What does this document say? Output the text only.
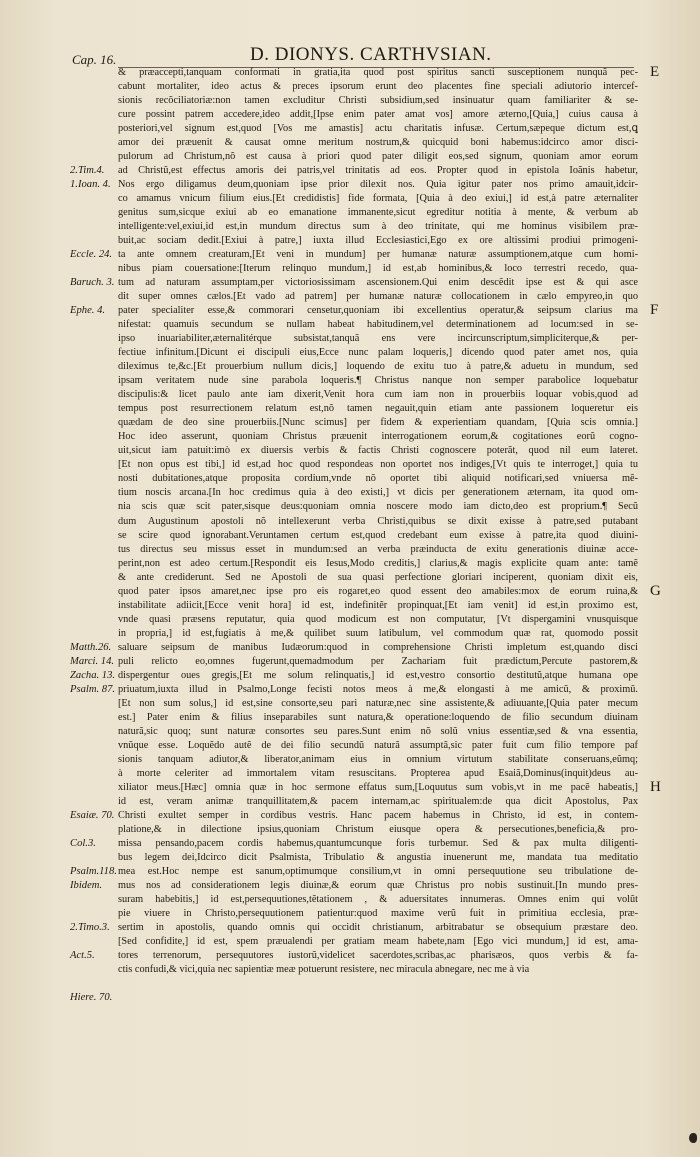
Cap. 16.	D. DIONYS. CARTHVSIAN.
& præaccepti,tanquam conformati in gratia,ita quod post spiritus sancti susceptionem nunquã pec-
cabunt mortaliter, ideo actus & preces ipsorum erunt deo placentes fine speciali adiutorio intercef-
sionis recõciliatoriæ:non tamen excluditur Christi subsidium,sed insinuatur quam familiariter & se-
cure possint patrem accedere,ideo addit,[Ipse enim pater amat vos] amore æterno,[Quia,] cuius causa à
posteriori,vel signum est,quod [Vos me amastis] actu charitatis infusæ. Certum,sæpeque dictum est,ꝗ
amor dei præuenit & causat omne meritum nostrum,& quicquid boni habemus:idcirco amor disci-
pulorum ad Christum,nõ est causa à priori quod pater diligit eos,sed signum, quoniam amor eorum
ad Christũ,est effectus amoris dei patris,vel trinitatis ad eos. Propter quod in epistola Ioãnis habetur,
Nos ergo diligamus deum,quoniam ipse prior dilexit nos. Quia igitur pater nos primo amauit,idcir-
co amamus vnicum filium eius.[Et credidistis] fide formata, [Quia à deo exiui,] id est,à patre æternaliter
genitus sum,sicque exiui ab eo emanatione immanente,sicut egreditur notitia à mente, & verbum ab
intelligente:vel,exiui,id est,in mundum directus sum à deo trinitate, qui me hominus visibilem præ-
buit,ac sociam dedit.[Exiui à patre,] iuxta illud Ecclesiastici,Ego ex ore altissimi prodiui primogeni-
ta ante omnem creaturam,[Et veni in mundum] per humanæ naturæ assumptionem,atque cum homi-
nibus piam couersatione:[Iterum relinquo mundum,] id est,ab hominibus,& loco terrestri recedo, qua-
tum ad naturam assumptam,per victoriosissimam ascensionem.Qui enim descẽdit ipse est & qui asce
dit super omnes cælos.[Et vado ad patrem] per humanæ naturæ collocationem in cælo empyreo,in quo
pater specialiter esse,& commorari censetur,quoniam ibi excellentius operatur,& seipsum clarius ma
nifestat: quamuis secundum se nullam habeat habitudinem,vel determinationem ad locum:sed in se-
ipso inuariabiliter,æternalitérque subsistat,tanquã ens vere incircunscriptum,simpliciterque,& per-
fectiue infinitum.[Dicunt ei discipuli eius,Ecce nunc palam loqueris,] dicendo quod pater amet nos, quia
dileximus te,&c.[Et prouerbium nullum dicis,] loquendo de exitu tuo à patre,& aduetu in mundum, sed
ipsam veritatem nude sine parabola loqueris.¶ Christus nanque non semper parabolice loquebatur
discipulis:& licet paulo ante iam dixerit,Venit hora cum iam non in prouerbiis loquar vobis,quod ad
tempus post resurrectionem relatum est,nõ tamen negauit,quin etiam ante passionem loqueretur eis
quædam de deo sine prouerbiis.[Nunc scimus] per fidem & experientiam quandam, [Quia scis omnia.]
Hoc ideo asserunt, quoniam Christus præuenit interrogationem eorum,& cogitationes eorũ cogno-
uit,sicut iam patuit:imò ex diuersis verbis & factis Christi cognoscere poterãt, quod nil eum lateret.
[Et non opus est tibi,] id est,ad hoc quod respondeas non oportet nos indiges,[Vt quis te interroget,] quia tu
nosti dubitationes,atque proposita cordium,vnde nõ oportet tibi aliquid notificari,sed vniuersa mẽ-
tium noscis arcana.[In hoc credimus quia à deo existi,] vt dicis per generationem æternam, ita quod om-
nia scis quæ scit pater,sisque deus:quoniam omnia noscere modo iam dicto,deo est proprium.¶ Secũ
dum Augustinum apostoli nõ intellexerunt verba Christi,quibus se dixit exisse à patre,sed putabant
se scire quod ignorabant.Veruntamen certum est,quod credebant eum exisse à patre,ita quod diuini-
tus directus seu missus esset in mundum:sed an verba præinducta de exitu generationis diuinæ acce-
perint,non est adeo certum.[Respondit eis Iesus,Modo creditis,] clarius,& magis explicite quam ante: tamẽ
& ante crediderunt. Sed ne Apostoli de sua quasi perfectione gloriari inciperent, quoniam dixit eis,
quod pater ipsos amaret,nec ipse pro eis rogaret,eo quod essent deo amabiles:mox de eorum ruina,&
instabilitate adiicit,[Ecce venit hora] id est, indefinitẽr propinquat,[Et iam venit] id est,in proximo est,
vnde quasi præsens reputatur, quia quod modicum est non computatur, [Vt dispergamini vnusquisque
in propria,] id est,fugiatis à me,& quilibet suum latibulum, vel commodum quæ rat, quomodo possit
saluare seipsum de manibus Iudæorum:quod in comprehensione Christi impletum est,quando disci
puli relicto eo,omnes fugerunt,quemadmodum per Zachariam fuit prædictum,Percute pastorem,&
dispergentur oues gregis,[Et me solum relinquatis,] id est,vestro consortio destitutũ,atque humana ope
priuatum,iuxta illud in Psalmo,Longe fecisti notos meos à me,& elongasti à me amicũ, & proximũ.
[Et non sum solus,] id est,sine consorte,seu pari naturæ,nec sine assistente,& adiuuante,[Quia pater mecum
est.] Pater enim & filius inseparabiles sunt natura,& operatione:loquendo de filio secundum diuinam
naturã,sic quoq; sunt naturæ consortes seu pares.Sunt enim nõ solũ vnius essentiæ,sed & vna essentia,
vnũque esse. Loquẽdo autẽ de dei filio secundũ naturã assumptã,sic pater fuit cum filio tempore paf
sionis tanquam adiutor,& liberator,animam eius in omnium virtutum stabilitate conseruans,eũmq;
à morte celeriter ad immortalem vitam resuscitans. Propterea apud Esaiã,Dominus(inquit)deus au-
xiliator meus.[Hæc] omnia quæ in hoc sermone effatus sum,[Loquutus sum vobis,vt in me pacẽ habeatis,]
id est, veram animæ tranquillitatem,& pacem internam,ac spiritualem:de qua dicit Apostolus, Pax
Christi exultet semper in cordibus vestris. Hanc pacem habemus in Christo, id est, in contem-
platione,& in dilectione ipsius,quoniam Christum eiusque opera & persecutiones,beneficia,& pro-
missa pensando,pacem cordis habemus,quantumcunque foris turbemur. Sed & pax multa diligenti-
bus legem dei,Idcirco dicit Psalmista, Tribulatio & angustia inuenerunt me, mandata tua meditatio
mea est.Hoc nempe est sanum,optimumque consilium,vt in omni persequutione seu tribulatione de-
mus nos ad considerationem legis diuinæ,& eorum quæ Christus pro nobis sustinuit.[In mundo pres-
suram habebitis,] id est,persequutiones,tẽtationem , & aduersitates innumeras. Omnes enim qui volũt
pie viuere in Christo,persequutionem patientur:quod maxime verũ fuit in primitiua ecclesia, præ-
sertim in apostolis, quando omnis qui occidit christianum, arbitrabatur se obsequium præstare deo.
[Sed confidite,] id est, spem præualendi per gratiam meam habete,nam [Ego vici mundum,] id est, ama-
tores terrenorum, persequutores iustorũ,videlicet sacerdotes,scribas,ac pharisæos, quos verbis & fa-
ctis confudi,& vici,quia nec sapientiæ meæ potuerunt resistere, nec miracula abnegare, nec me à via
2.Tim.4.
1.Ioan. 4.
Eccle. 24.
Baruch. 3.
Ephe. 4.
Matth.26.
Marci. 14.
Zacha. 13.
Psalm. 87.
Esaiæ. 70.
Col.3.
Psalm.118.
Ibidem.
2.Timo.3.
Act.5.
Hiere. 70.
E
F
G
H
